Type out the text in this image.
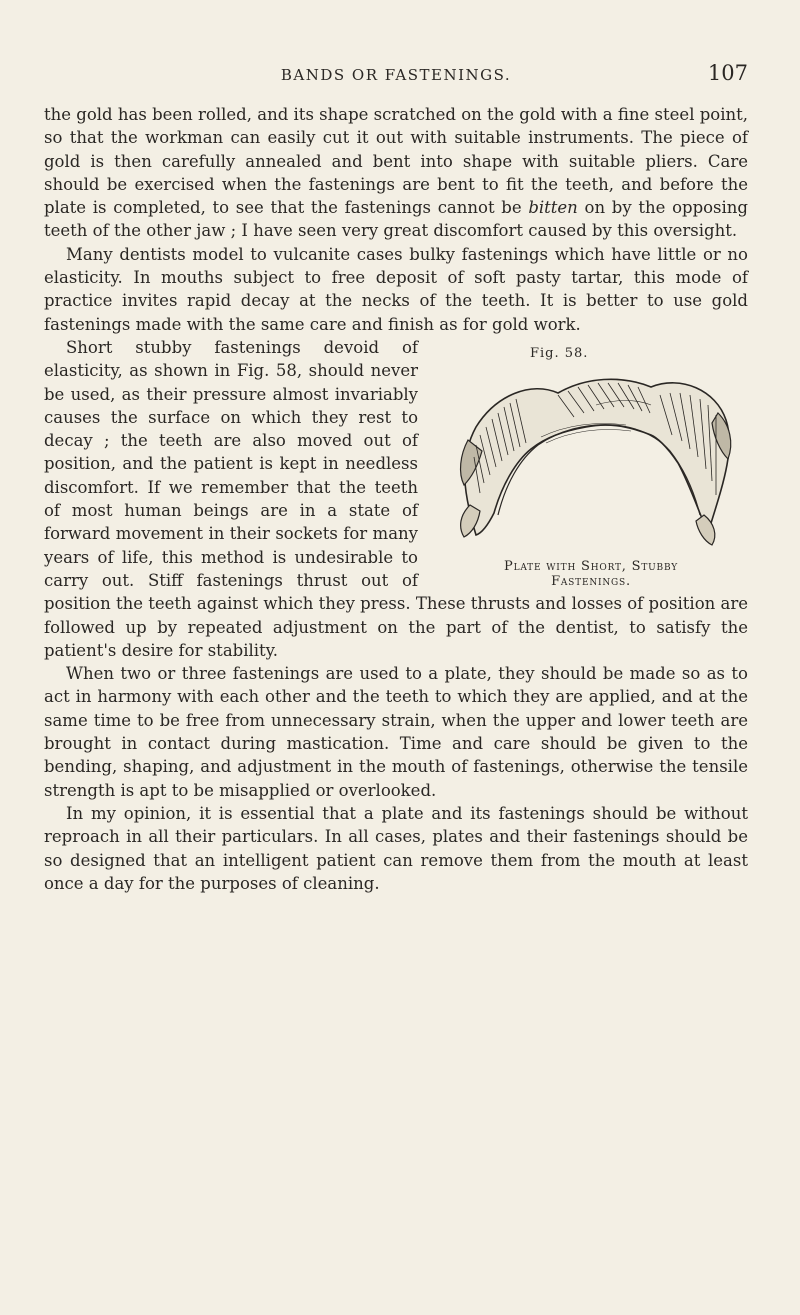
BANDS OR FASTENINGS.	107

the gold has been rolled, and its shape scratched on the gold with a fine steel point, so that the workman can easily cut it out with suitable instruments. The piece of gold is then carefully annealed and bent into shape with suitable pliers. Care should be exercised when the fastenings are bent to fit the teeth, and before the plate is completed, to see that the fastenings cannot be bitten on by the opposing teeth of the other jaw ; I have seen very great discomfort caused by this oversight.

Many dentists model to vulcanite cases bulky fastenings which have little or no elasticity. In mouths subject to free deposit of soft pasty tartar, this mode of practice invites rapid decay at the necks of the teeth. It is better to use gold fastenings made with the same care and finish as for gold work.

Fig. 58.
Plate with Short, Stubby
Fastenings.

Short stubby fastenings devoid of elasticity, as shown in Fig. 58, should never be used, as their pressure almost invariably causes the surface on which they rest to decay ; the teeth are also moved out of position, and the patient is kept in needless discomfort. If we remember that the teeth of most human beings are in a state of forward movement in their sockets for many years of life, this method is undesirable to carry out. Stiff fastenings thrust out of position the teeth against which they press. These thrusts and losses of position are followed up by repeated adjustment on the part of the dentist, to satisfy the patient's desire for stability.

When two or three fastenings are used to a plate, they should be made so as to act in harmony with each other and the teeth to which they are applied, and at the same time to be free from unnecessary strain, when the upper and lower teeth are brought in contact during mastication. Time and care should be given to the bending, shaping, and adjustment in the mouth of fastenings, otherwise the tensile strength is apt to be misapplied or overlooked.

In my opinion, it is essential that a plate and its fastenings should be without reproach in all their particulars. In all cases, plates and their fastenings should be so designed that an intelligent patient can remove them from the mouth at least once a day for the purposes of cleaning.
